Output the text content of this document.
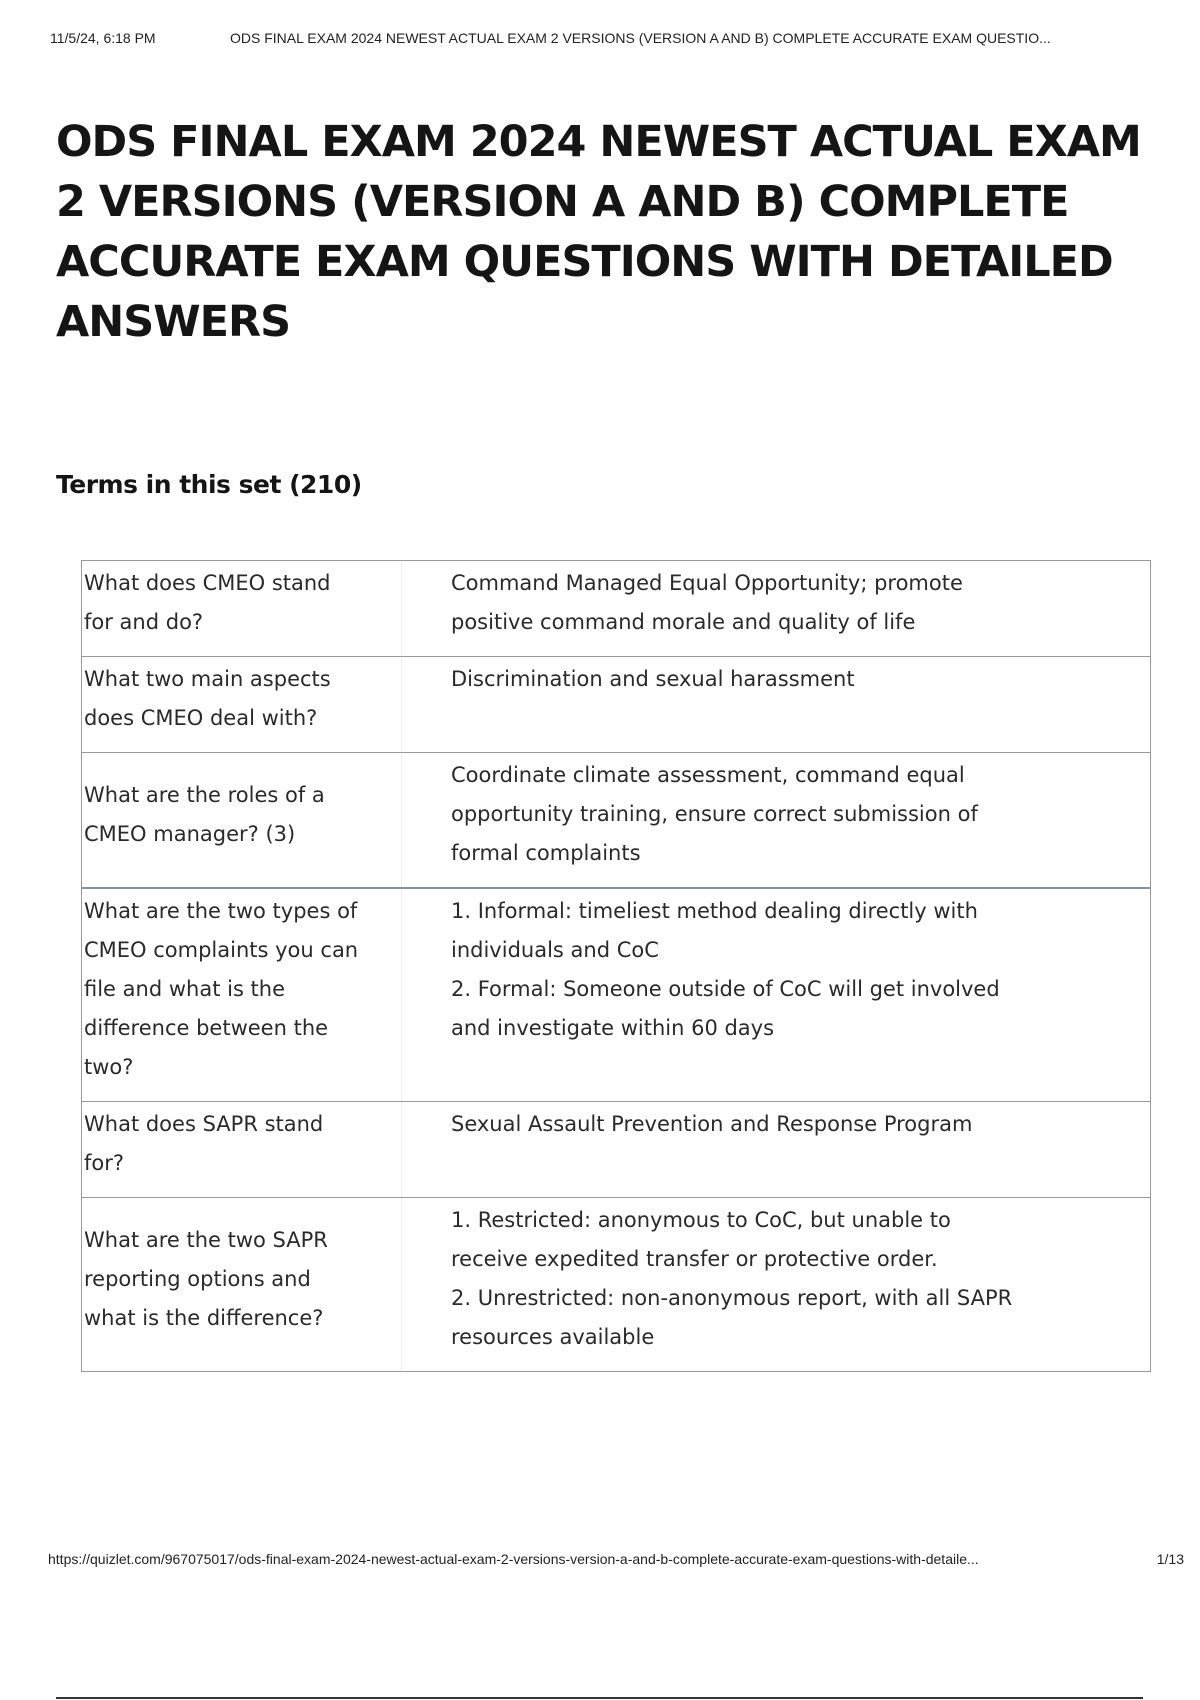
11/5/24, 6:18 PM	ODS FINAL EXAM 2024 NEWEST ACTUAL EXAM 2 VERSIONS (VERSION A AND B) COMPLETE ACCURATE EXAM QUESTIO...
ODS FINAL EXAM 2024 NEWEST ACTUAL EXAM 2 VERSIONS (VERSION A AND B) COMPLETE ACCURATE EXAM QUESTIONS WITH DETAILED ANSWERS
Terms in this set (210)
What does CMEO stand
for and do?
Command Managed Equal Opportunity; promote
positive command morale and quality of life
What two main aspects
does CMEO deal with?
Discrimination and sexual harassment
What are the roles of a
CMEO manager? (3)
Coordinate climate assessment, command equal
opportunity training, ensure correct submission of
formal complaints
What are the two types of
CMEO complaints you can
file and what is the
difference between the
two?
1. Informal: timeliest method dealing directly with
individuals and CoC
2. Formal: Someone outside of CoC will get involved
and investigate within 60 days
What does SAPR stand
for?
Sexual Assault Prevention and Response Program
What are the two SAPR
reporting options and
what is the difference?
1. Restricted: anonymous to CoC, but unable to
receive expedited transfer or protective order.
2. Unrestricted: non-anonymous report, with all SAPR
resources available
https://quizlet.com/967075017/ods-final-exam-2024-newest-actual-exam-2-versions-version-a-and-b-complete-accurate-exam-questions-with-detaile...	1/13
